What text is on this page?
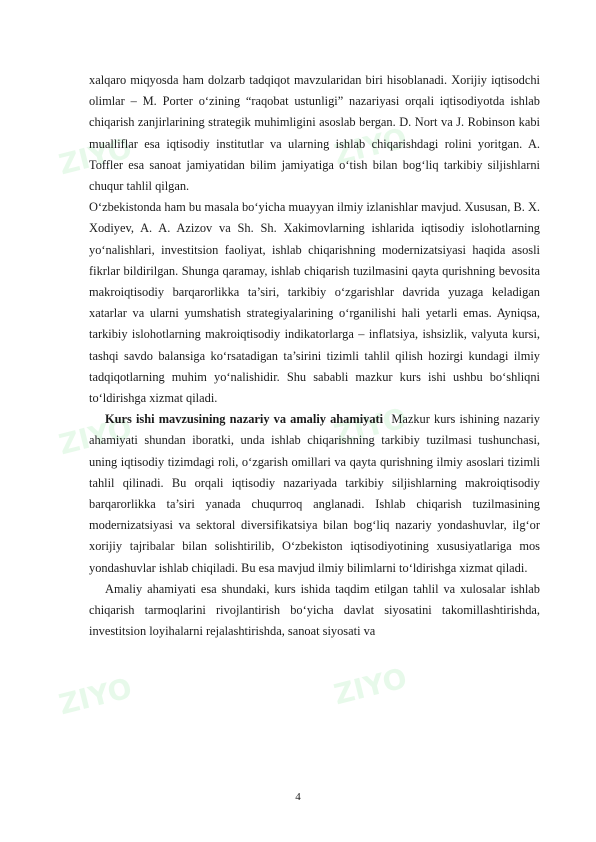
ZIYO	ZIYO
ZIYO	ZIYO
ZIYO	ZIYO

xalqaro miqyosda ham dolzarb tadqiqot mavzularidan biri hisoblanadi. Xorijiy iqtisodchi olimlar – M. Porter o‘zining “raqobat ustunligi” nazariyasi orqali iqtisodiyotda ishlab chiqarish zanjirlarining strategik muhimligini asoslab bergan. D. Nort va J. Robinson kabi mualliflar esa iqtisodiy institutlar va ularning ishlab chiqarishdagi rolini yoritgan. A. Toffler esa sanoat jamiyatidan bilim jamiyatiga o‘tish bilan bog‘liq tarkibiy siljishlarni chuqur tahlil qilgan.

O‘zbekistonda ham bu masala bo‘yicha muayyan ilmiy izlanishlar mavjud. Xususan, B. X. Xodiyev, A. A. Azizov va Sh. Sh. Xakimovlarning ishlarida iqtisodiy islohotlarning yo‘nalishlari, investitsion faoliyat, ishlab chiqarishning modernizatsiyasi haqida asosli fikrlar bildirilgan. Shunga qaramay, ishlab chiqarish tuzilmasini qayta qurishning bevosita makroiqtisodiy barqarorlikka ta’siri, tarkibiy o‘zgarishlar davrida yuzaga keladigan xatarlar va ularni yumshatish strategiyalarining o‘rganilishi hali yetarli emas. Ayniqsa, tarkibiy islohotlarning makroiqtisodiy indikatorlarga – inflatsiya, ishsizlik, valyuta kursi, tashqi savdo balansiga ko‘rsatadigan ta’sirini tizimli tahlil qilish hozirgi kundagi ilmiy tadqiqotlarning muhim yo‘nalishidir. Shu sababli mazkur kurs ishi ushbu bo‘shliqni to‘ldirishga xizmat qiladi.

Kurs ishi mavzusining nazariy va amaliy ahamiyati Mazkur kurs ishining nazariy ahamiyati shundan iboratki, unda ishlab chiqarishning tarkibiy tuzilmasi tushunchasi, uning iqtisodiy tizimdagi roli, o‘zgarish omillari va qayta qurishning ilmiy asoslari tizimli tahlil qilinadi. Bu orqali iqtisodiy nazariyada tarkibiy siljishlarning makroiqtisodiy barqarorlikka ta’siri yanada chuqurroq anglanadi. Ishlab chiqarish tuzilmasining modernizatsiyasi va sektoral diversifikatsiya bilan bog‘liq nazariy yondashuvlar, ilg‘or xorijiy tajribalar bilan solishtirilib, O‘zbekiston iqtisodiyotining xususiyatlariga mos yondashuvlar ishlab chiqiladi. Bu esa mavjud ilmiy bilimlarni to‘ldirishga xizmat qiladi.

Amaliy ahamiyati esa shundaki, kurs ishida taqdim etilgan tahlil va xulosalar ishlab chiqarish tarmoqlarini rivojlantirish bo‘yicha davlat siyosatini takomillashtirishda, investitsion loyihalarni rejalashtirishda, sanoat siyosati va

4
